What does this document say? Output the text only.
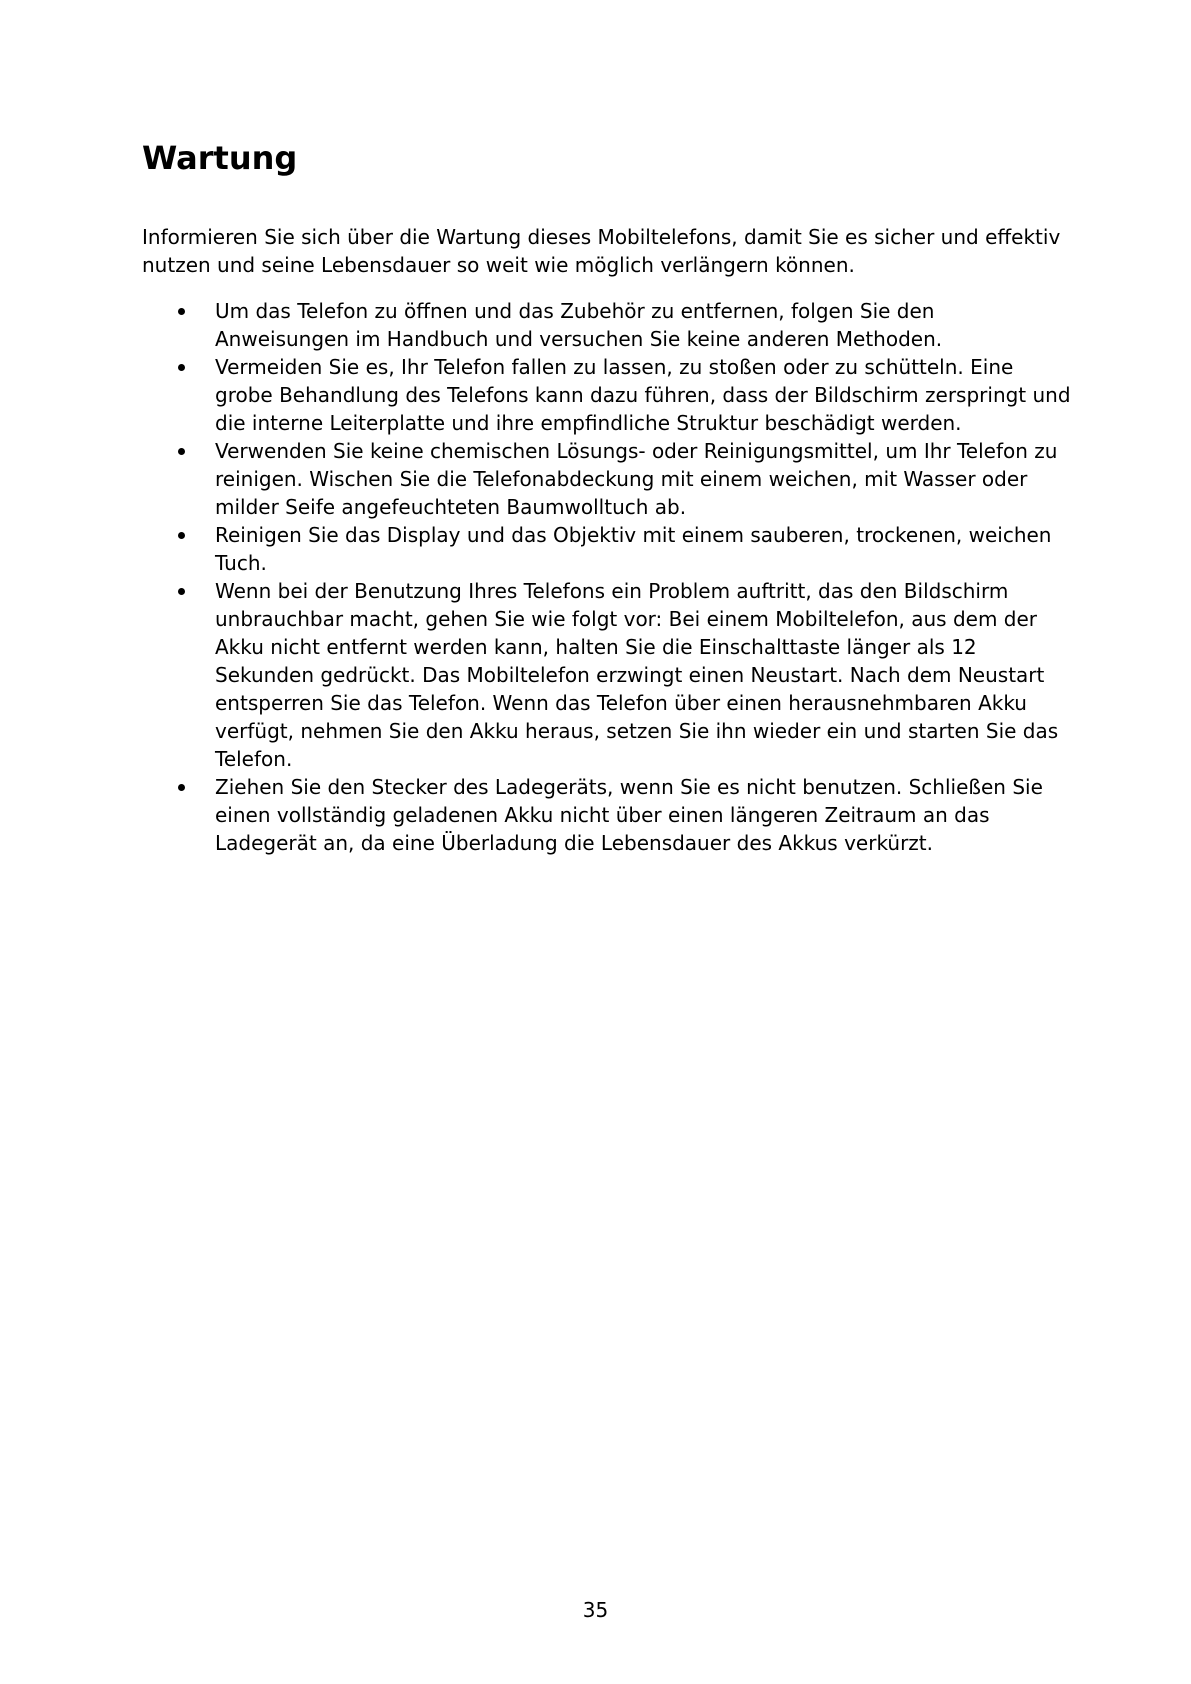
Wartung

Informieren Sie sich über die Wartung dieses Mobiltelefons, damit Sie es sicher und effektiv nutzen und seine Lebensdauer so weit wie möglich verlängern können.

Um das Telefon zu öffnen und das Zubehör zu entfernen, folgen Sie den Anweisungen im Handbuch und versuchen Sie keine anderen Methoden.
Vermeiden Sie es, Ihr Telefon fallen zu lassen, zu stoßen oder zu schütteln. Eine grobe Behandlung des Telefons kann dazu führen, dass der Bildschirm zerspringt und die interne Leiterplatte und ihre empfindliche Struktur beschädigt werden.
Verwenden Sie keine chemischen Lösungs- oder Reinigungsmittel, um Ihr Telefon zu reinigen. Wischen Sie die Telefonabdeckung mit einem weichen, mit Wasser oder milder Seife angefeuchteten Baumwolltuch ab.
Reinigen Sie das Display und das Objektiv mit einem sauberen, trockenen, weichen Tuch.
Wenn bei der Benutzung Ihres Telefons ein Problem auftritt, das den Bildschirm unbrauchbar macht, gehen Sie wie folgt vor: Bei einem Mobiltelefon, aus dem der Akku nicht entfernt werden kann, halten Sie die Einschalttaste länger als 12 Sekunden gedrückt. Das Mobiltelefon erzwingt einen Neustart. Nach dem Neustart entsperren Sie das Telefon. Wenn das Telefon über einen herausnehmbaren Akku verfügt, nehmen Sie den Akku heraus, setzen Sie ihn wieder ein und starten Sie das Telefon.
Ziehen Sie den Stecker des Ladegeräts, wenn Sie es nicht benutzen. Schließen Sie einen vollständig geladenen Akku nicht über einen längeren Zeitraum an das Ladegerät an, da eine Überladung die Lebensdauer des Akkus verkürzt.

35
